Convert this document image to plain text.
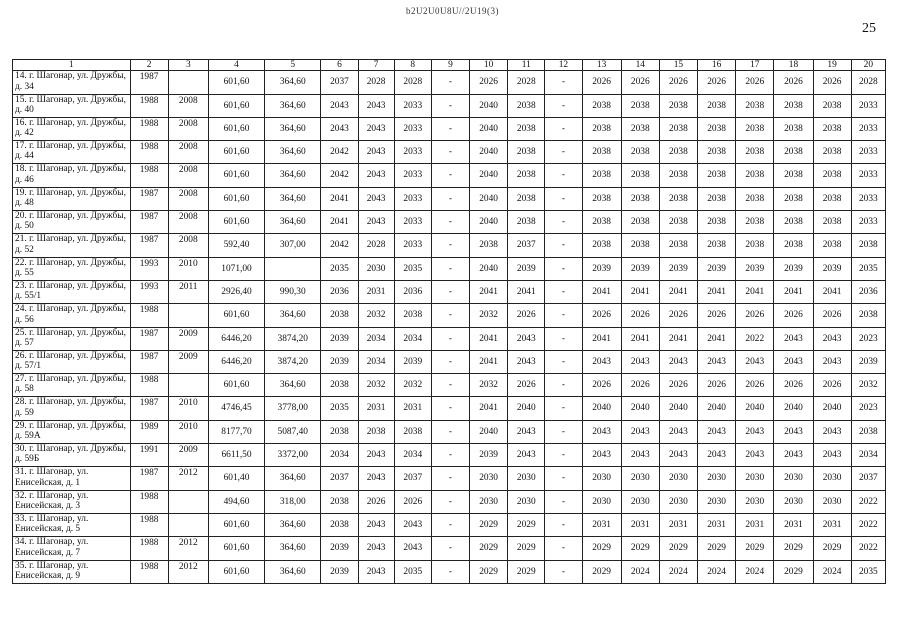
b2U2U0U8U//2U19(3)
25
1	2	3	4	5	6	7	8	9	10	11	12	13	14	15	16	17	18	19	20
14. г. Шагонар, ул. Дружбы, д. 34	1987		601,60	364,60	2037	2028	2028	-	2026	2028	-	2026	2026	2026	2026	2026	2026	2026	2028
15. г. Шагонар, ул. Дружбы, д. 40	1988	2008	601,60	364,60	2043	2043	2033	-	2040	2038	-	2038	2038	2038	2038	2038	2038	2038	2033
16. г. Шагонар, ул. Дружбы, д. 42	1988	2008	601,60	364,60	2043	2043	2033	-	2040	2038	-	2038	2038	2038	2038	2038	2038	2038	2033
17. г. Шагонар, ул. Дружбы, д. 44	1988	2008	601,60	364,60	2042	2043	2033	-	2040	2038	-	2038	2038	2038	2038	2038	2038	2038	2033
18. г. Шагонар, ул. Дружбы, д. 46	1988	2008	601,60	364,60	2042	2043	2033	-	2040	2038	-	2038	2038	2038	2038	2038	2038	2038	2033
19. г. Шагонар, ул. Дружбы, д. 48	1987	2008	601,60	364,60	2041	2043	2033	-	2040	2038	-	2038	2038	2038	2038	2038	2038	2038	2033
20. г. Шагонар, ул. Дружбы, д. 50	1987	2008	601,60	364,60	2041	2043	2033	-	2040	2038	-	2038	2038	2038	2038	2038	2038	2038	2033
21. г. Шагонар, ул. Дружбы, д. 52	1987	2008	592,40	307,00	2042	2028	2033	-	2038	2037	-	2038	2038	2038	2038	2038	2038	2038	2038
22. г. Шагонар, ул. Дружбы, д. 55	1993	2010	1071,00		2035	2030	2035	-	2040	2039	-	2039	2039	2039	2039	2039	2039	2039	2035
23. г. Шагонар, ул. Дружбы, д. 55/1	1993	2011	2926,40	990,30	2036	2031	2036	-	2041	2041	-	2041	2041	2041	2041	2041	2041	2041	2036
24. г. Шагонар, ул. Дружбы, д. 56	1988		601,60	364,60	2038	2032	2038	-	2032	2026	-	2026	2026	2026	2026	2026	2026	2026	2038
25. г. Шагонар, ул. Дружбы, д. 57	1987	2009	6446,20	3874,20	2039	2034	2034	-	2041	2043	-	2041	2041	2041	2041	2022	2043	2043	2023
26. г. Шагонар, ул. Дружбы, д. 57/1	1987	2009	6446,20	3874,20	2039	2034	2039	-	2041	2043	-	2043	2043	2043	2043	2043	2043	2043	2039
27. г. Шагонар, ул. Дружбы, д. 58	1988		601,60	364,60	2038	2032	2032	-	2032	2026	-	2026	2026	2026	2026	2026	2026	2026	2032
28. г. Шагонар, ул. Дружбы, д. 59	1987	2010	4746,45	3778,00	2035	2031	2031	-	2041	2040	-	2040	2040	2040	2040	2040	2040	2040	2023
29. г. Шагонар, ул. Дружбы, д. 59А	1989	2010	8177,70	5087,40	2038	2038	2038	-	2040	2043	-	2043	2043	2043	2043	2043	2043	2043	2038
30. г. Шагонар, ул. Дружбы, д. 59Б	1991	2009	6611,50	3372,00	2034	2043	2034	-	2039	2043	-	2043	2043	2043	2043	2043	2043	2043	2034
31. г. Шагонар, ул. Енисейская, д. 1	1987	2012	601,40	364,60	2037	2043	2037	-	2030	2030	-	2030	2030	2030	2030	2030	2030	2030	2037
32. г. Шагонар, ул. Енисейская, д. 3	1988		494,60	318,00	2038	2026	2026	-	2030	2030	-	2030	2030	2030	2030	2030	2030	2030	2022
33. г. Шагонар, ул. Енисейская, д. 5	1988		601,60	364,60	2038	2043	2043	-	2029	2029	-	2031	2031	2031	2031	2031	2031	2031	2022
34. г. Шагонар, ул. Енисейская, д. 7	1988	2012	601,60	364,60	2039	2043	2043	-	2029	2029	-	2029	2029	2029	2029	2029	2029	2029	2022
35. г. Шагонар, ул. Енисейская, д. 9	1988	2012	601,60	364,60	2039	2043	2035	-	2029	2029	-	2029	2024	2024	2024	2024	2029	2024	2035
